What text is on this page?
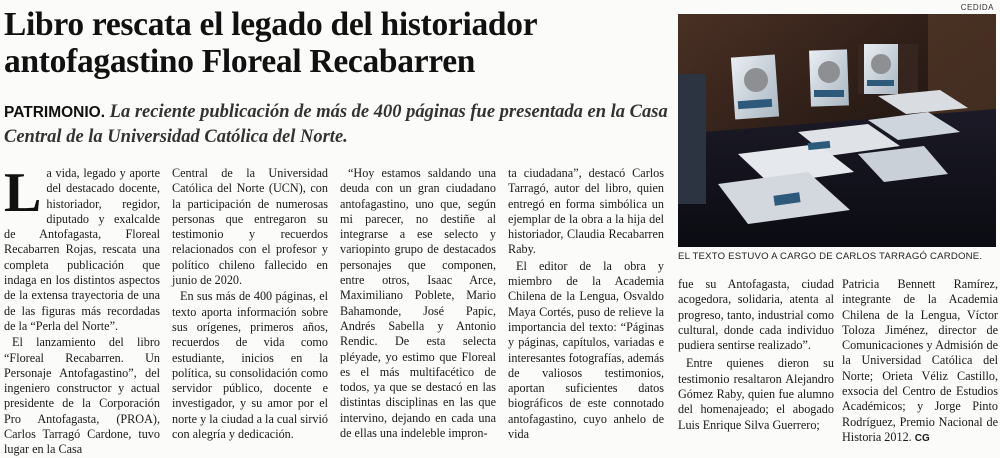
Libro rescata el legado del historiador
antofagastino Floreal Recabarren

PATRIMONIO. La reciente publicación de más de 400 páginas fue presentada en la Casa Central de la Universidad Católica del Norte.

L a vida, legado y aporte del destacado docente, historiador, regidor, diputado y exalcalde de Antofagasta, Floreal Recabarren Rojas, rescata una completa publicación que indaga en los distintos aspectos de la extensa trayectoria de una de las figuras más recordadas de la “Perla del Norte”.

El lanzamiento del libro “Floreal Recabarren. Un Personaje Antofagastino”, del ingeniero constructor y actual presidente de la Corporación Pro Antofagasta, (PROA), Carlos Tarragó Cardone, tuvo lugar en la Casa

Central de la Universidad Católica del Norte (UCN), con la participación de numerosas personas que entregaron su testimonio y recuerdos relacionados con el profesor y político chileno fallecido en junio de 2020.

En sus más de 400 páginas, el texto aporta información sobre sus orígenes, primeros años, recuerdos de vida como estudiante, inicios en la política, su consolidación como servidor público, docente e investigador, y su amor por el norte y la ciudad a la cual sirvió con alegría y dedicación.

“Hoy estamos saldando una deuda con un gran ciudadano antofagastino, uno que, según mi parecer, no destiñe al integrarse a ese selecto y variopinto grupo de destacados personajes que componen, entre otros, Isaac Arce, Maximiliano Poblete, Mario Bahamonde, José Papic, Andrés Sabella y Antonio Rendic. De esta selecta pléyade, yo estimo que Floreal es el más multifacético de todos, ya que se destacó en las distintas disciplinas en las que intervino, dejando en cada una de ellas una indeleble impron-

ta ciudadana”, destacó Carlos Tarragó, autor del libro, quien entregó en forma simbólica un ejemplar de la obra a la hija del historiador, Claudia Recabarren Raby.

El editor de la obra y miembro de la Academia Chilena de la Lengua, Osvaldo Maya Cortés, puso de relieve la importancia del texto: “Páginas y páginas, capítulos, variadas e interesantes fotografías, además de valiosos testimonios, aportan suficientes datos biográficos de este connotado antofagastino, cuyo anhelo de vida

CEDIDA
EL TEXTO ESTUVO A CARGO DE CARLOS TARRAGÓ CARDONE.

fue su Antofagasta, ciudad acogedora, solidaria, atenta al progreso, tanto, industrial como cultural, donde cada individuo pudiera sentirse realizado”.

Entre quienes dieron su testimonio resaltaron Alejandro Gómez Raby, quien fue alumno del homenajeado; el abogado Luis Enrique Silva Guerrero;

Patricia Bennett Ramírez, integrante de la Academia Chilena de la Lengua, Víctor Toloza Jiménez, director de Comunicaciones y Admisión de la Universidad Católica del Norte; Orieta Véliz Castillo, exsocia del Centro de Estudios Académicos; y Jorge Pinto Rodríguez, Premio Nacional de Historia 2012. CG
